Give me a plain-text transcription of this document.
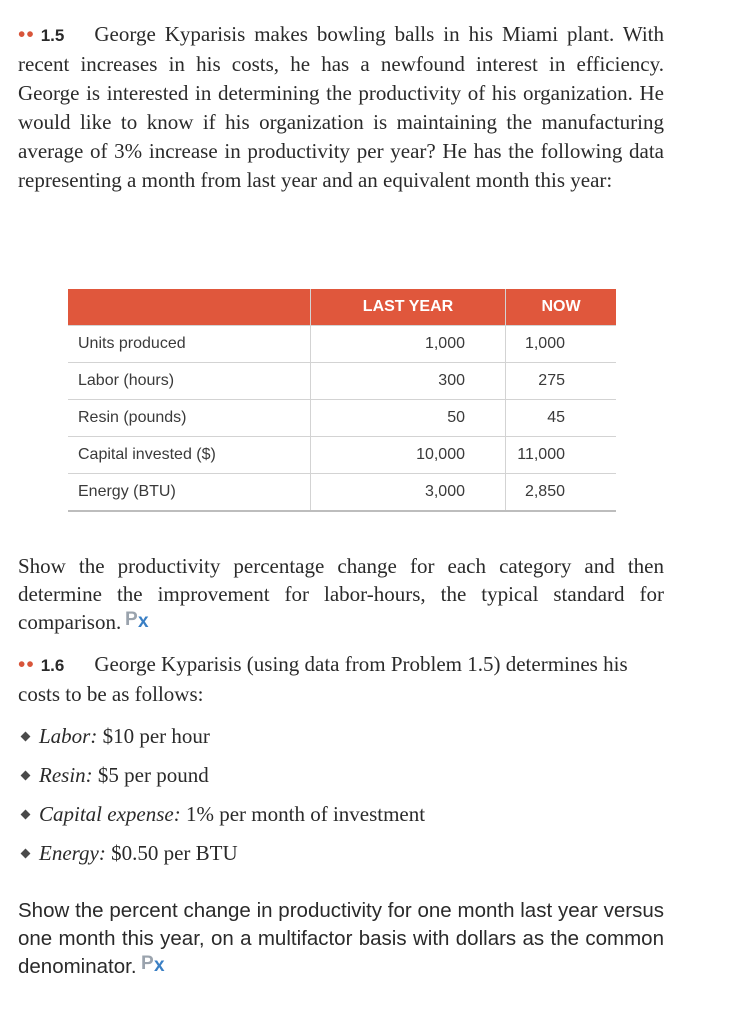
•• 1.5 George Kyparisis makes bowling balls in his Miami plant. With recent increases in his costs, he has a newfound interest in efficiency. George is interested in determining the productivity of his organization. He would like to know if his organization is maintaining the manufacturing average of 3% increase in productivity per year? He has the following data representing a month from last year and an equivalent month this year:
	LAST YEAR	NOW
Units produced	1,000	1,000
Labor (hours)	300	275
Resin (pounds)	50	45
Capital invested ($)	10,000	11,000
Energy (BTU)	3,000	2,850
Show the productivity percentage change for each category and then determine the improvement for labor-hours, the typical standard for comparison. P x
•• 1.6 George Kyparisis (using data from Problem 1.5) determines his costs to be as follows:
Labor: $10 per hour
Resin: $5 per pound
Capital expense: 1% per month of investment
Energy: $0.50 per BTU
Show the percent change in productivity for one month last year versus one month this year, on a multifactor basis with dollars as the common denominator. P x
